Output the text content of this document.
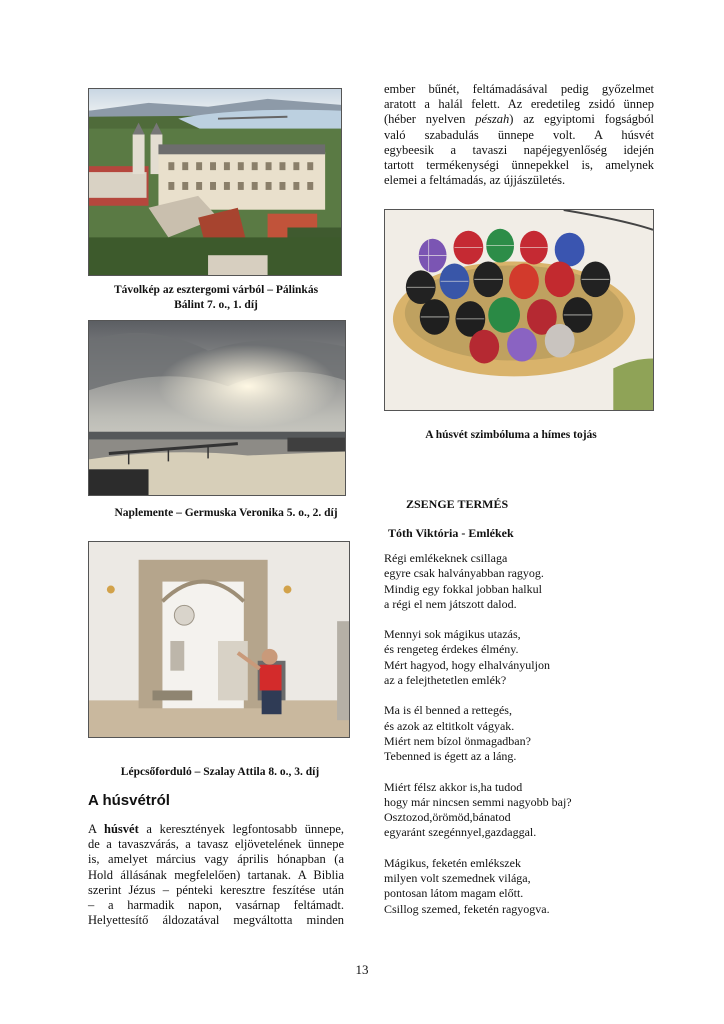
Távolkép az esztergomi várból – Pálinkás Bálint 7. o., 1. díj
Naplemente – Germuska Veronika 5. o., 2. díj
Lépcsőforduló – Szalay Attila 8. o., 3. díj
A húsvétról
A húsvét a keresztények legfontosabb ünnepe,
de a tavaszvárás, a tavasz eljövetelének ünnepe
is, amelyet március vagy április hónapban (a
Hold állásának megfelelően) tartanak. A Biblia
szerint Jézus – pénteki keresztre feszítése után
– a harmadik napon, vasárnap feltámadt.
Helyettesítő áldozatával megváltotta minden
ember bűnét, feltámadásával pedig győzelmet
aratott a halál felett. Az eredetileg zsidó ünnep
(héber nyelven pészah) az egyiptomi fogságból
való szabadulás ünnepe volt. A húsvét
egybeesik a tavaszi napéjegyenlőség idején
tartott termékenységi ünnepekkel is, amelynek
elemei a feltámadás, az újjászületés.
A húsvét szimbóluma a hímes tojás
ZSENGE TERMÉS
Tóth Viktória - Emlékek
Régi emlékeknek csillaga
egyre csak halványabban ragyog.
Mindig egy fokkal jobban halkul
a régi el nem játszott dalod.
Mennyi sok mágikus utazás,
és rengeteg érdekes élmény.
Mért hagyod, hogy elhalványuljon
az a felejthetetlen emlék?
Ma is él benned a rettegés,
és azok az eltitkolt vágyak.
Miért nem bízol önmagadban?
Tebenned is égett az a láng.
Miért félsz akkor is,ha tudod
hogy már nincsen semmi nagyobb baj?
Osztozod,örömöd,bánatod
egyaránt szegénnyel,gazdaggal.
Mágikus, feketén emlékszek
milyen volt szemednek világa,
pontosan látom magam előtt.
Csillog szemed, feketén ragyogva.
13
